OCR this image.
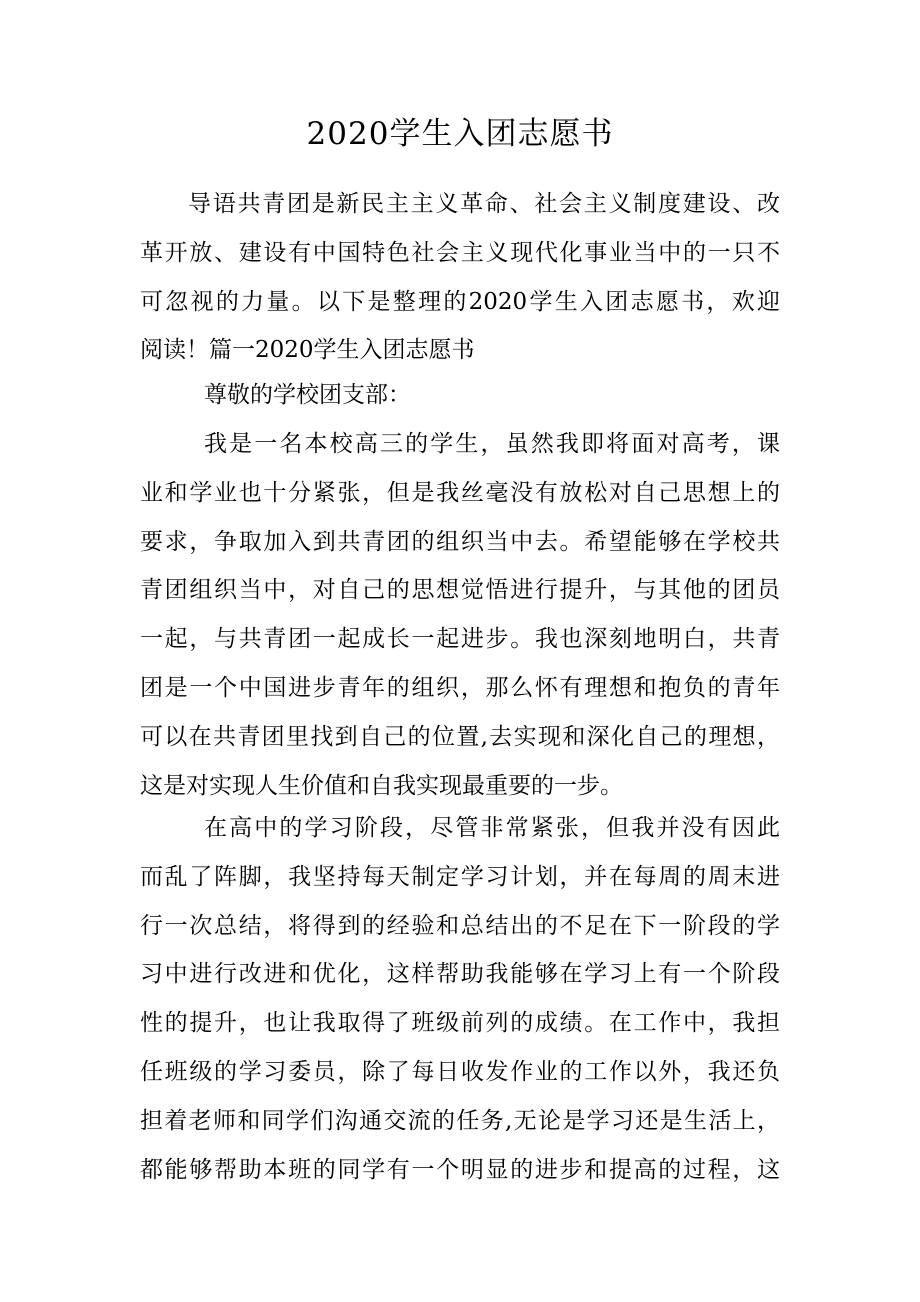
2020学生入团志愿书
导语共青团是新民主主义革命、社会主义制度建设、改
革开放、建设有中国特色社会主义现代化事业当中的一只不
可忽视的力量。以下是整理的2020学生入团志愿书，欢迎
阅读！篇一2020学生入团志愿书
尊敬的学校团支部：
我是一名本校高三的学生，虽然我即将面对高考，课
业和学业也十分紧张，但是我丝毫没有放松对自己思想上的
要求，争取加入到共青团的组织当中去。希望能够在学校共
青团组织当中，对自己的思想觉悟进行提升，与其他的团员
一起，与共青团一起成长一起进步。我也深刻地明白，共青
团是一个中国进步青年的组织，那么怀有理想和抱负的青年
可以在共青团里找到自己的位置,去实现和深化自己的理想，
这是对实现人生价值和自我实现最重要的一步。
在高中的学习阶段，尽管非常紧张，但我并没有因此
而乱了阵脚，我坚持每天制定学习计划，并在每周的周末进
行一次总结，将得到的经验和总结出的不足在下一阶段的学
习中进行改进和优化，这样帮助我能够在学习上有一个阶段
性的提升，也让我取得了班级前列的成绩。在工作中，我担
任班级的学习委员，除了每日收发作业的工作以外，我还负
担着老师和同学们沟通交流的任务,无论是学习还是生活上，
都能够帮助本班的同学有一个明显的进步和提高的过程，这
